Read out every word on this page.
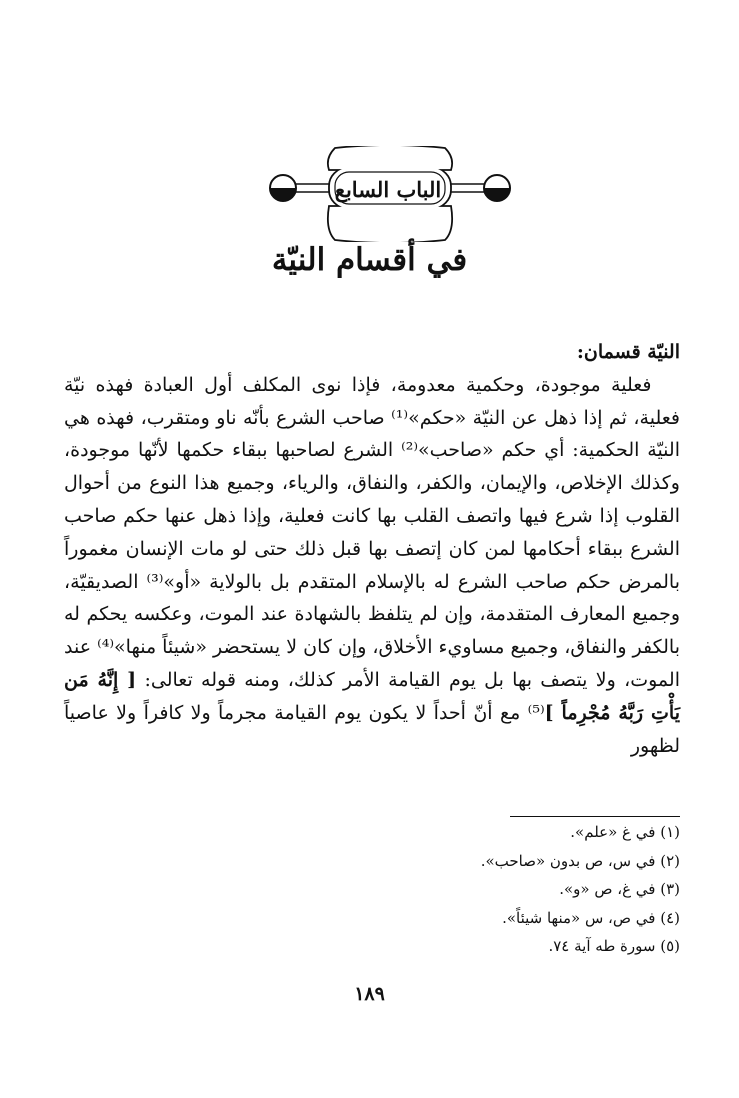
الباب السابع
في أقسام النيّة

النيّة قسمان:

فعلية موجودة، وحكمية معدومة، فإذا نوى المكلف أول العبادة فهذه نيّة فعلية، ثم إذا ذهل عن النيّة «حكم»⁽¹⁾ صاحب الشرع بأنّه ناو ومتقرب، فهذه هي النيّة الحكمية: أي حكم «صاحب»⁽²⁾ الشرع لصاحبها ببقاء حكمها لأنّها موجودة، وكذلك الإخلاص، والإيمان، والكفر، والنفاق، والرياء، وجميع هذا النوع من أحوال القلوب إذا شرع فيها واتصف القلب بها كانت فعلية، وإذا ذهل عنها حكم صاحب الشرع ببقاء أحكامها لمن كان إتصف بها قبل ذلك حتى لو مات الإنسان مغموراً بالمرض حكم صاحب الشرع له بالإسلام المتقدم بل بالولاية «أو»⁽³⁾ الصديقيّة، وجميع المعارف المتقدمة، وإن لم يتلفظ بالشهادة عند الموت، وعكسه يحكم له بالكفر والنفاق، وجميع مساويء الأخلاق، وإن كان لا يستحضر «شيئاً منها»⁽⁴⁾ عند الموت، ولا يتصف بها بل يوم القيامة الأمر كذلك، ومنه قوله تعالى: [ إِنَّهُ مَن يَأْتِ رَبَّهُ مُجْرِماً ]⁽⁵⁾ مع أنّ أحداً لا يكون يوم القيامة مجرماً ولا كافراً ولا عاصياً لظهور

(١) في غ «علم».
(٢) في س، ص بدون «صاحب».
(٣) في غ، ص «و».
(٤) في ص، س «منها شيئاً».
(٥) سورة طه آية ٧٤.
١٨٩
